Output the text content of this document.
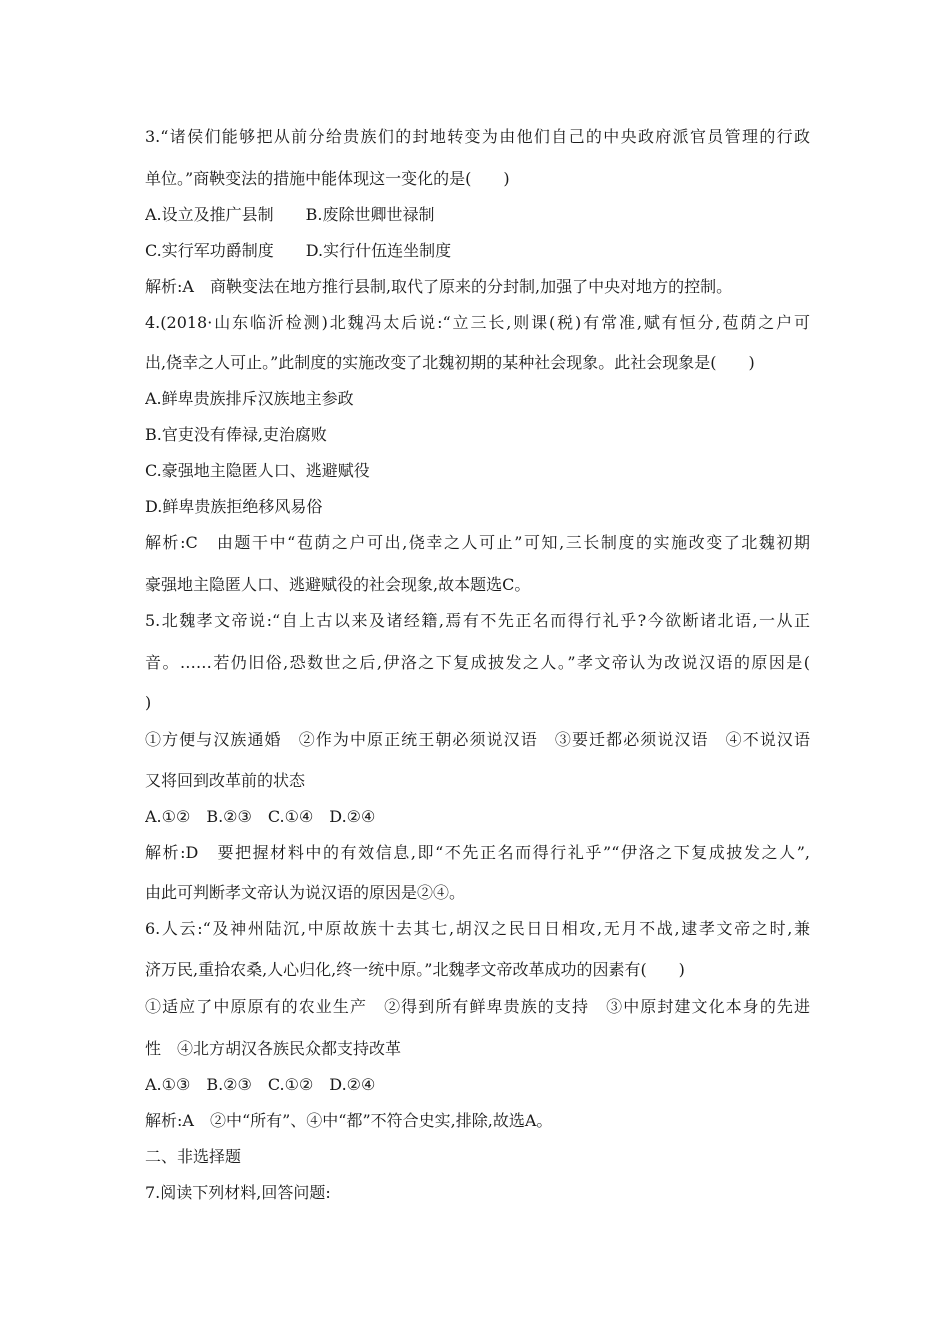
3.“诸侯们能够把从前分给贵族们的封地转变为由他们自己的中央政府派官员管理的行政
单位。”商鞅变法的措施中能体现这一变化的是(　　)
A.设立及推广县制　　B.废除世卿世禄制
C.实行军功爵制度　　D.实行什伍连坐制度
解析:A　商鞅变法在地方推行县制,取代了原来的分封制,加强了中央对地方的控制。
4.(2018·山东临沂检测)北魏冯太后说:“立三长,则课(税)有常准,赋有恒分,苞荫之户可
出,侥幸之人可止。”此制度的实施改变了北魏初期的某种社会现象。此社会现象是(　　)
A.鲜卑贵族排斥汉族地主参政
B.官吏没有俸禄,吏治腐败
C.豪强地主隐匿人口、逃避赋役
D.鲜卑贵族拒绝移风易俗
解析:C　由题干中“苞荫之户可出,侥幸之人可止”可知,三长制度的实施改变了北魏初期
豪强地主隐匿人口、逃避赋役的社会现象,故本题选C。
5.北魏孝文帝说:“自上古以来及诸经籍,焉有不先正名而得行礼乎?今欲断诸北语,一从正
音。……若仍旧俗,恐数世之后,伊洛之下复成披发之人。”孝文帝认为改说汉语的原因是(
)
①方便与汉族通婚　②作为中原正统王朝必须说汉语　③要迁都必须说汉语　④不说汉语
又将回到改革前的状态
A.①②　B.②③　C.①④　D.②④
解析:D　要把握材料中的有效信息,即“不先正名而得行礼乎”“伊洛之下复成披发之人”,
由此可判断孝文帝认为说汉语的原因是②④。
6.人云:“及神州陆沉,中原故族十去其七,胡汉之民日日相攻,无月不战,逮孝文帝之时,兼
济万民,重拾农桑,人心归化,终一统中原。”北魏孝文帝改革成功的因素有(　　)
①适应了中原原有的农业生产　②得到所有鲜卑贵族的支持　③中原封建文化本身的先进
性　④北方胡汉各族民众都支持改革
A.①③　B.②③　C.①②　D.②④
解析:A　②中“所有”、④中“都”不符合史实,排除,故选A。
二、非选择题
7.阅读下列材料,回答问题:
